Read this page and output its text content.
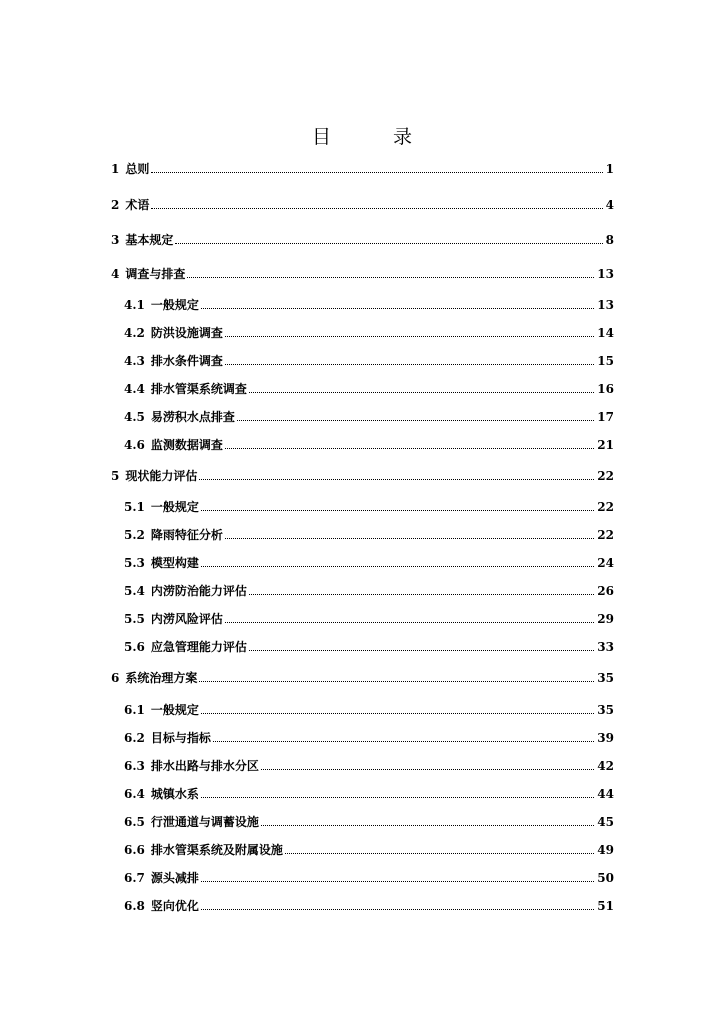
目 录
1 总则	1
2 术语	4
3 基本规定	8
4 调查与排查	13
4.1 一般规定	13
4.2 防洪设施调查	14
4.3 排水条件调查	15
4.4 排水管渠系统调查	16
4.5 易涝积水点排查	17
4.6 监测数据调查	21
5 现状能力评估	22
5.1 一般规定	22
5.2 降雨特征分析	22
5.3 模型构建	24
5.4 内涝防治能力评估	26
5.5 内涝风险评估	29
5.6 应急管理能力评估	33
6 系统治理方案	35
6.1 一般规定	35
6.2 目标与指标	39
6.3 排水出路与排水分区	42
6.4 城镇水系	44
6.5 行泄通道与调蓄设施	45
6.6 排水管渠系统及附属设施	49
6.7 源头减排	50
6.8 竖向优化	51
